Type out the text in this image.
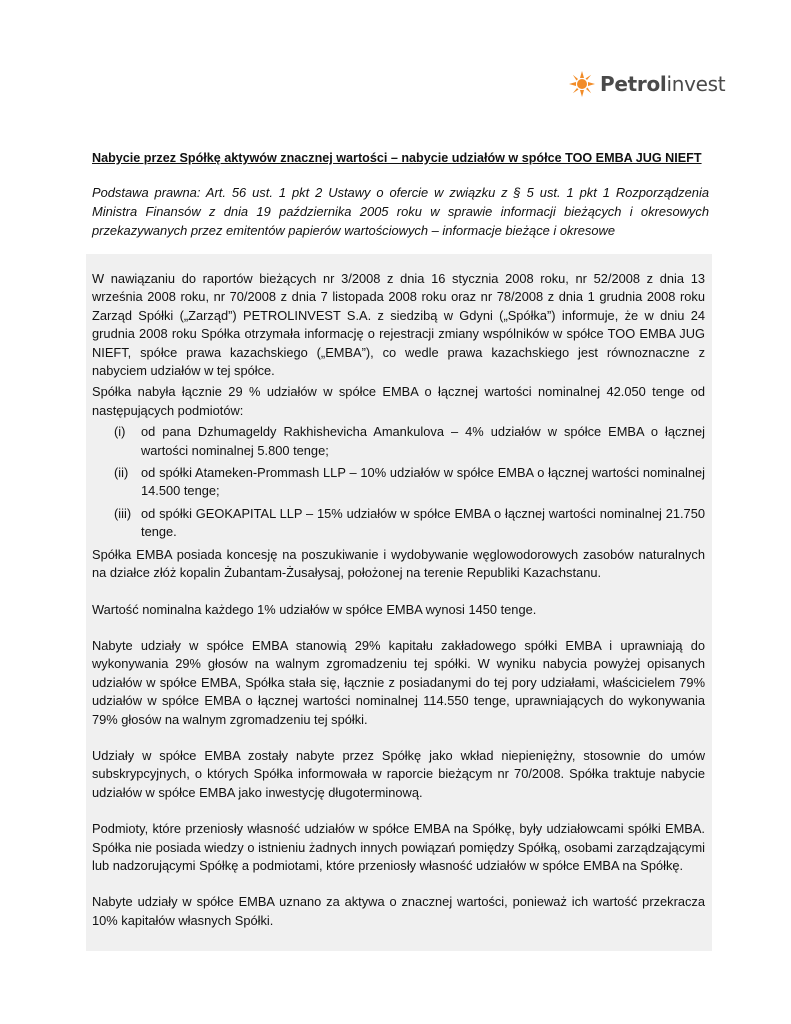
Petrolinvest
Nabycie przez Spółkę aktywów znacznej wartości – nabycie udziałów w spółce TOO EMBA JUG NIEFT
Podstawa prawna: Art. 56 ust. 1 pkt 2 Ustawy o ofercie w związku z § 5 ust. 1 pkt 1 Rozporządzenia Ministra Finansów z dnia 19 października 2005 roku w sprawie informacji bieżących i okresowych przekazywanych przez emitentów papierów wartościowych – informacje bieżące i okresowe

W nawiązaniu do raportów bieżących nr 3/2008 z dnia 16 stycznia 2008 roku, nr 52/2008 z dnia 13 września 2008 roku, nr 70/2008 z dnia 7 listopada 2008 roku oraz nr 78/2008 z dnia 1 grudnia 2008 roku Zarząd Spółki („Zarząd”) PETROLINVEST S.A. z siedzibą w Gdyni („Spółka”) informuje, że w dniu 24 grudnia 2008 roku Spółka otrzymała informację o rejestracji zmiany wspólników w spółce TOO EMBA JUG NIEFT, spółce prawa kazachskiego („EMBA”), co wedle prawa kazachskiego jest równoznaczne z nabyciem udziałów w tej spółce.

Spółka nabyła łącznie 29 % udziałów w spółce EMBA o łącznej wartości nominalnej 42.050 tenge od następujących podmiotów:

(i)	od pana Dzhumageldy Rakhishevicha Amankulova – 4% udziałów w spółce EMBA o łącznej wartości nominalnej 5.800 tenge;
(ii) od spółki Atameken-Prommash LLP – 10% udziałów w spółce EMBA o łącznej wartości nominalnej 14.500 tenge;
(iii) od spółki GEOKAPITAL LLP – 15% udziałów w spółce EMBA o łącznej wartości nominalnej 21.750 tenge.

Spółka EMBA posiada koncesję na poszukiwanie i wydobywanie węglowodorowych zasobów naturalnych na działce złóż kopalin Żubantam-Żusałysaj, położonej na terenie Republiki Kazachstanu.

Wartość nominalna każdego 1% udziałów w spółce EMBA wynosi 1450 tenge.

Nabyte udziały w spółce EMBA stanowią 29% kapitału zakładowego spółki EMBA i uprawniają do wykonywania 29% głosów na walnym zgromadzeniu tej spółki. W wyniku nabycia powyżej opisanych udziałów w spółce EMBA, Spółka stała się, łącznie z posiadanymi do tej pory udziałami, właścicielem 79% udziałów w spółce EMBA o łącznej wartości nominalnej 114.550 tenge, uprawniających do wykonywania 79% głosów na walnym zgromadzeniu tej spółki.

Udziały w spółce EMBA zostały nabyte przez Spółkę jako wkład niepieniężny, stosownie do umów subskrypcyjnych, o których Spółka informowała w raporcie bieżącym nr 70/2008. Spółka traktuje nabycie udziałów w spółce EMBA jako inwestycję długoterminową.

Podmioty, które przeniosły własność udziałów w spółce EMBA na Spółkę, były udziałowcami spółki EMBA. Spółka nie posiada wiedzy o istnieniu żadnych innych powiązań pomiędzy Spółką, osobami zarządzającymi lub nadzorującymi Spółkę a podmiotami, które przeniosły własność udziałów w spółce EMBA na Spółkę.

Nabyte udziały w spółce EMBA uznano za aktywa o znacznej wartości, ponieważ ich wartość przekracza 10% kapitałów własnych Spółki.
